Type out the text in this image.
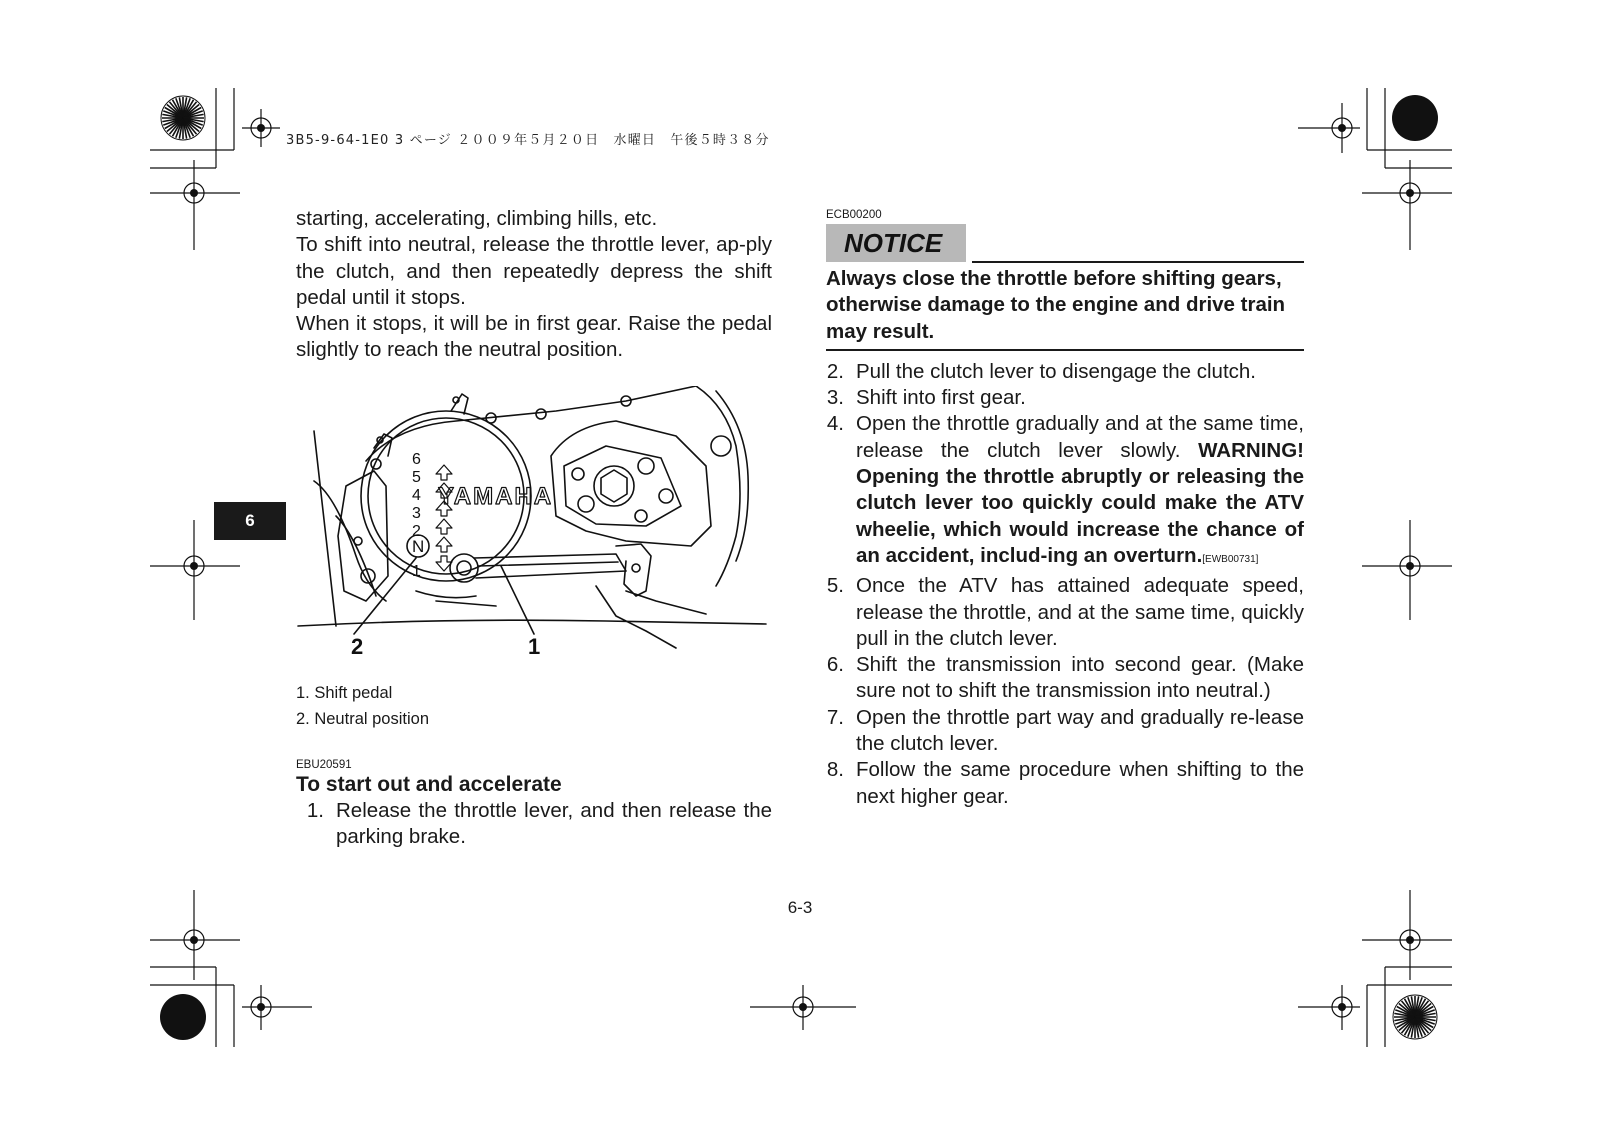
3B5-9-64-1E0 3 ページ ２００９年５月２０日　水曜日　午後５時３８分
6

starting, accelerating, climbing hills, etc.

To shift into neutral, release the throttle lever, ap-ply the clutch, and then repeatedly depress the shift pedal until it stops.

When it stops, it will be in first gear. Raise the pedal slightly to reach the neutral position.

YAMAHA
6
5
4
3
2
N
1
2	1
1. Shift pedal
2. Neutral position
EBU20591
To start out and accelerate
1. Release the throttle lever, and then release the parking brake.
ECB00200
NOTICE

Always close the throttle before shifting gears, otherwise damage to the engine and drive train may result.

2. Pull the clutch lever to disengage the clutch.
3. Shift into first gear.
4. Open the throttle gradually and at the same time, release the clutch lever slowly. WARNING! Opening the throttle abruptly or releasing the clutch lever too quickly could make the ATV wheelie, which would increase the chance of an accident, includ-ing an overturn.[EWB00731]
5. Once the ATV has attained adequate speed, release the throttle, and at the same time, quickly pull in the clutch lever.
6. Shift the transmission into second gear. (Make sure not to shift the transmission into neutral.)
7. Open the throttle part way and gradually re-lease the clutch lever.
8. Follow the same procedure when shifting to the next higher gear.
6-3
